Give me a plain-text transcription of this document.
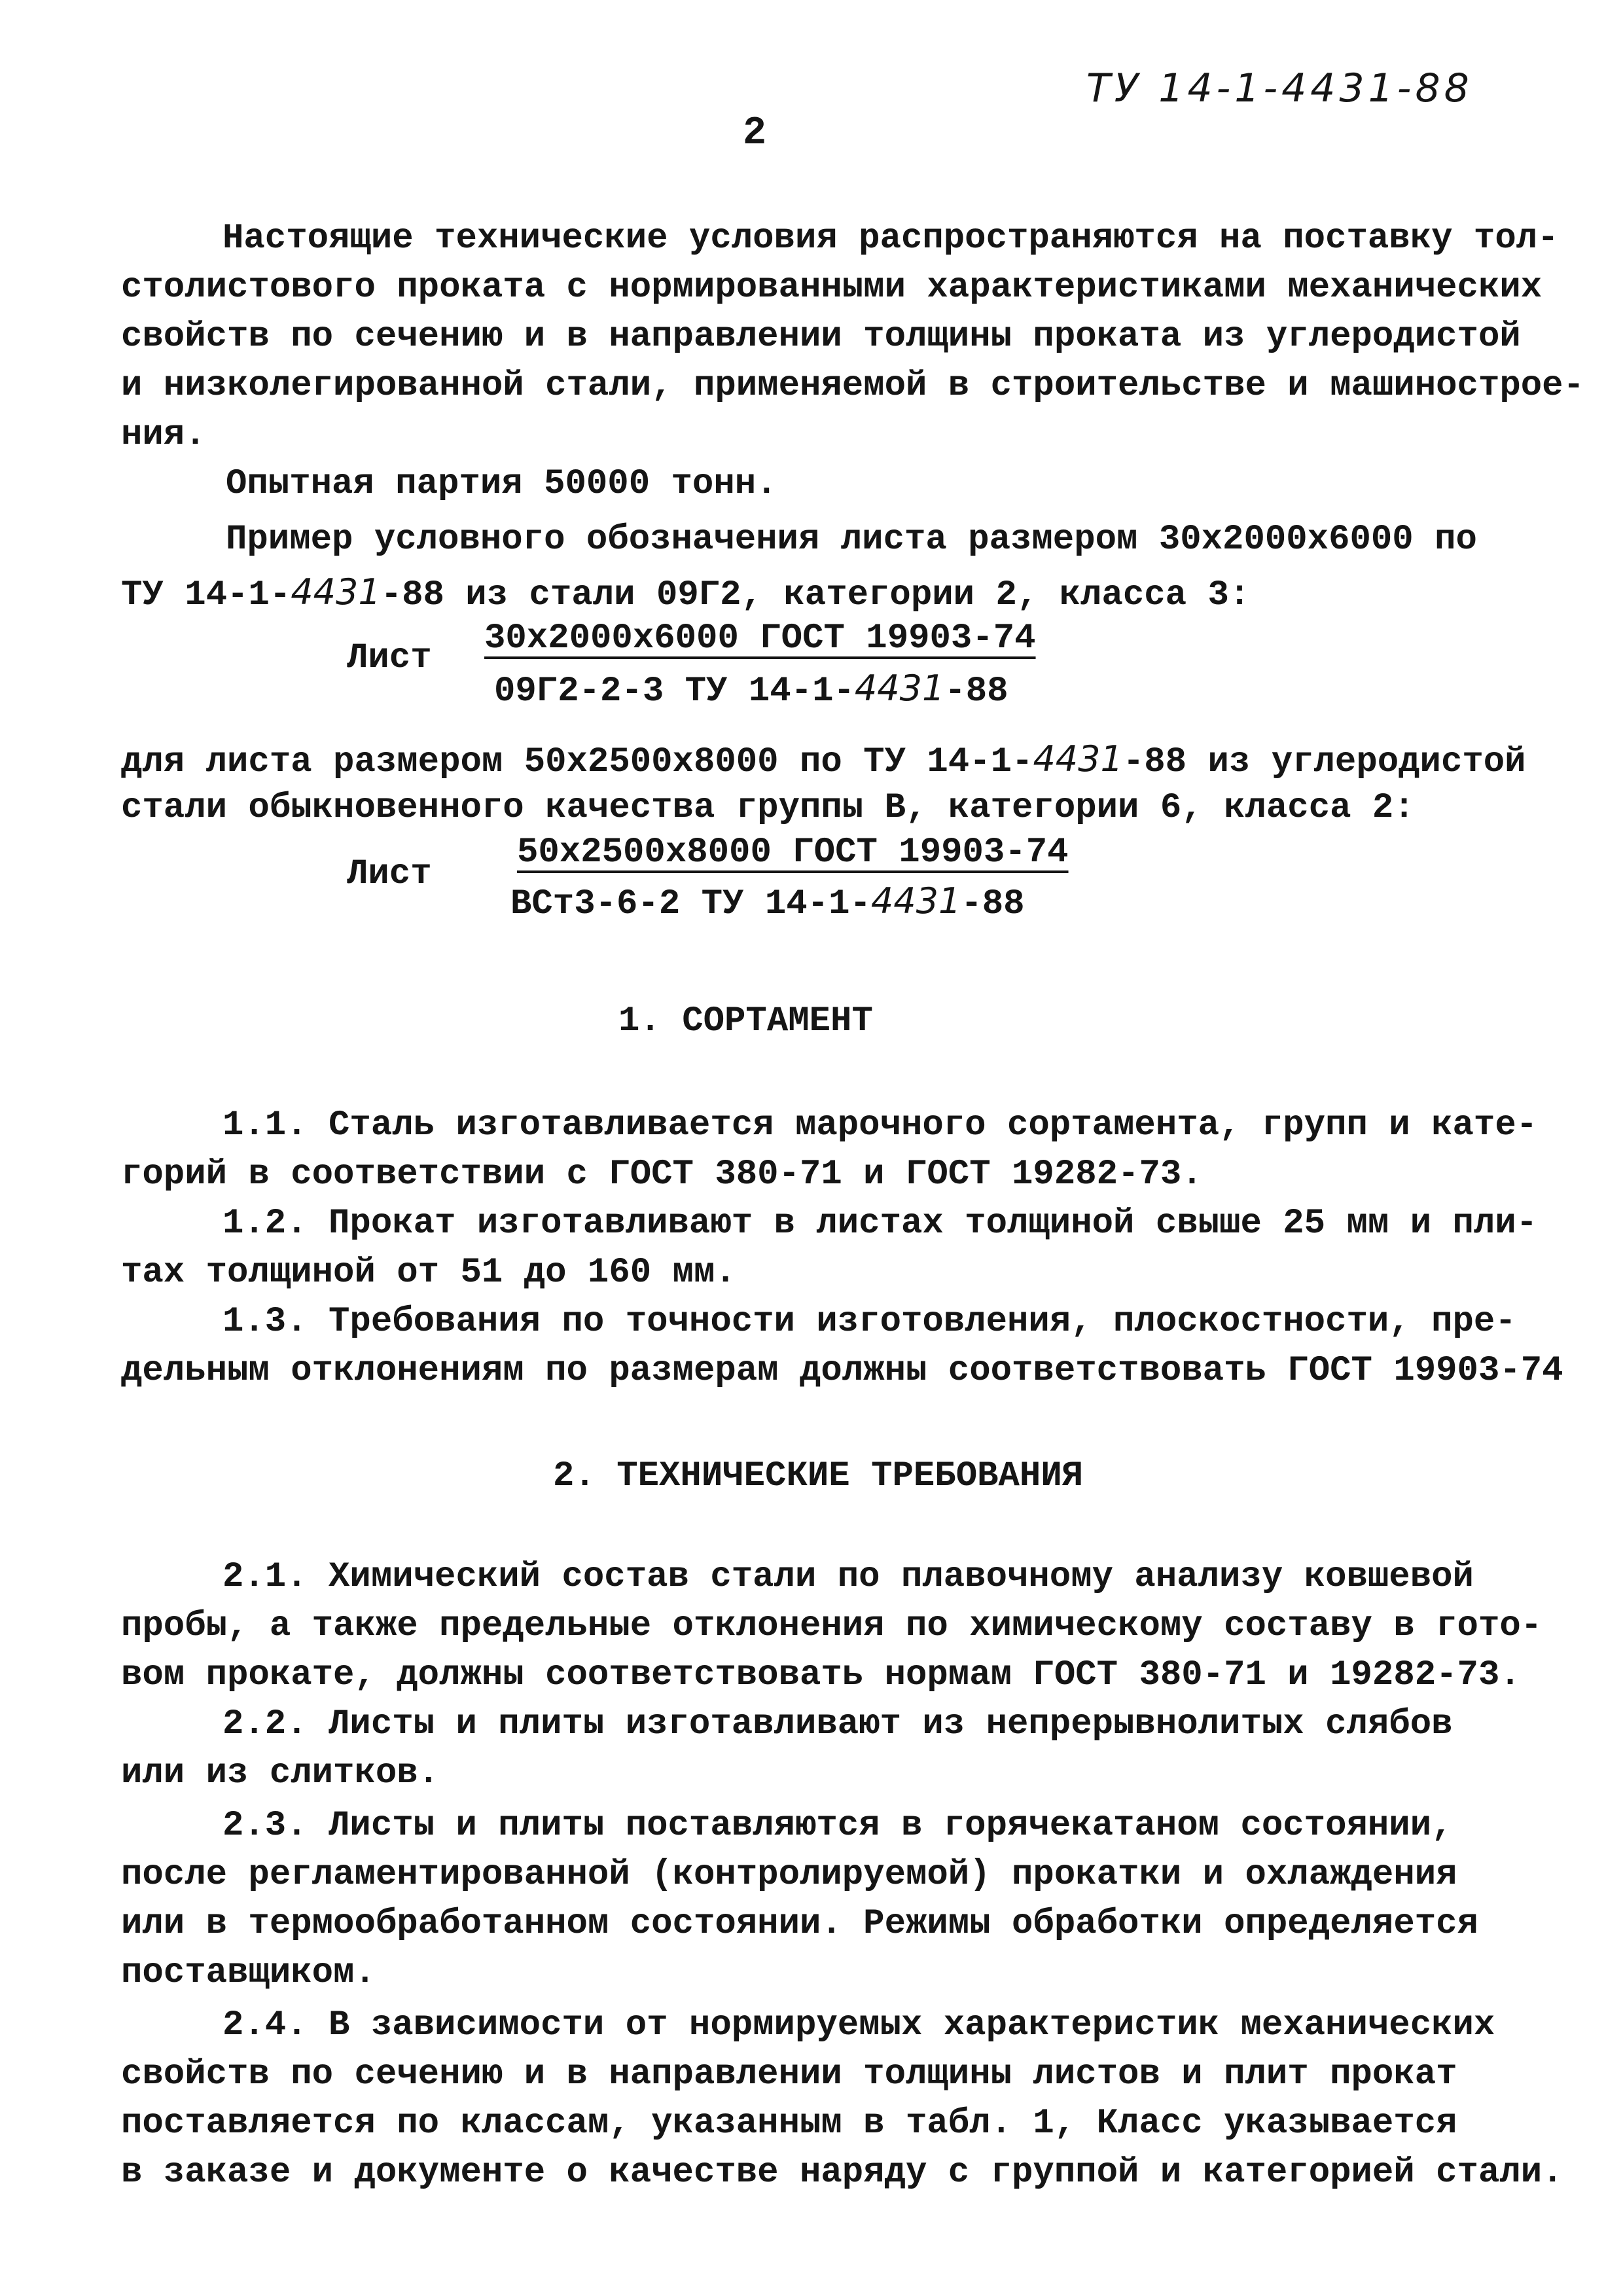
ТУ 14-1-4431-88
2
Настоящие технические условия распространяются на поставку тол-
столистового проката с нормированными характеристиками механических
свойств по сечению и в направлении толщины проката из углеродистой
и низколегированной стали, применяемой в строительстве и машинострое-
ния.
Опытная партия 50000 тонн.
Пример условного обозначения листа размером 30х2000х6000 по
ТУ 14-1-4431-88 из стали 09Г2, категории 2, класса 3:
Лист 30х2000х6000 ГОСТ 19903-74
09Г2-2-3 ТУ 14-1-4431-88
для листа размером 50х2500х8000 по ТУ 14-1-4431-88 из углеродистой
стали обыкновенного качества группы В, категории 6, класса 2:
Лист
50х2500х8000 ГОСТ 19903-74
ВСт3-6-2 ТУ 14-1-4431-88
1. СОРТАМЕНТ
1.1. Сталь изготавливается марочного сортамента, групп и кате-
горий в соответствии с ГОСТ 380-71 и ГОСТ 19282-73.
1.2. Прокат изготавливают в листах толщиной свыше 25 мм и пли-
тах толщиной от 51 до 160 мм.
1.3. Требования по точности изготовления, плоскостности, пре-
дельным отклонениям по размерам должны соответствовать ГОСТ 19903-74
2. ТЕХНИЧЕСКИЕ ТРЕБОВАНИЯ
2.1. Химический состав стали по плавочному анализу ковшевой
пробы, а также предельные отклонения по химическому составу в гото-
вом прокате, должны соответствовать нормам ГОСТ 380-71 и 19282-73.
2.2. Листы и плиты изготавливают из непрерывнолитых слябов
или из слитков.
2.3. Листы и плиты поставляются в горячекатаном состоянии,
после регламентированной (контролируемой) прокатки и охлаждения
или в термообработанном состоянии. Режимы обработки определяется
поставщиком.
2.4. В зависимости от нормируемых характеристик механических
свойств по сечению и в направлении толщины листов и плит прокат
поставляется по классам, указанным в табл. 1, Класс указывается
в заказе и документе о качестве наряду с группой и категорией стали.
